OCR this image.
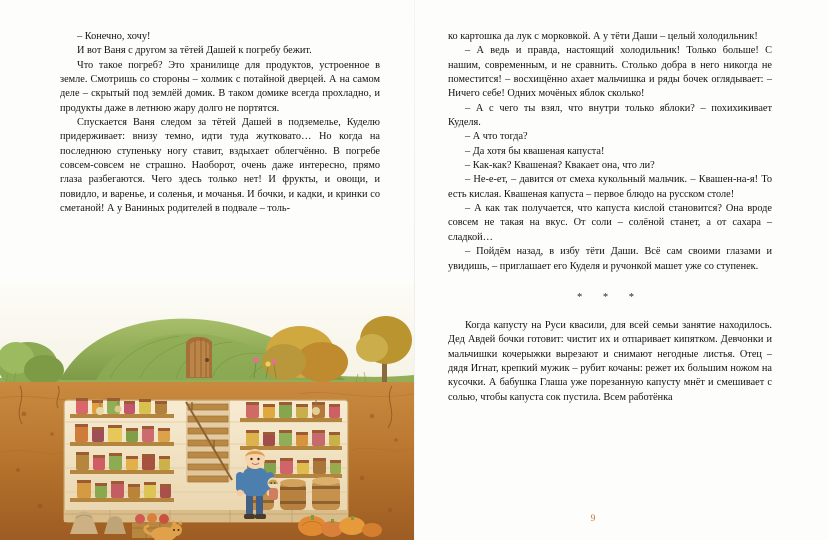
– Конечно, хочу!

И вот Ваня с другом за тётей Дашей к погребу бежит.

Что такое погреб? Это хранилище для продуктов, устроенное в земле. Смотришь со стороны – холмик с потайной дверцей. А на самом деле – скрытый под землёй домик. В таком домике всегда прохладно, и продукты даже в летнюю жару долго не портятся.

Спускается Ваня следом за тётей Дашей в подземелье, Куделю придерживает: внизу темно, идти туда жутковато… Но когда на последнюю ступеньку ногу ставит, вздыхает облегчённо. В погребе совсем-совсем не страшно. Наоборот, очень даже интересно, прямо глаза разбегаются. Чего здесь только нет! И фрукты, и овощи, и повидло, и варенье, и соленья, и мочанья. И бочки, и кадки, и кринки со сметаной! А у Ваниных родителей в подвале – толь-

ко картошка да лук с морковкой. А у тёти Даши – целый холодильник!

– А ведь и правда, настоящий холодильник! Только больше! С нашим, современным, и не сравнить. Столько добра в него никогда не поместится! – восхищённо ахает мальчишка и ряды бочек оглядывает: – Ничего себе! Одних мочёных яблок сколько!

– А с чего ты взял, что внутри только яблоки? – похихикивает Куделя.

– А что тогда?

– Да хотя бы квашеная капуста!

– Как-как? Квашеная? Квакает она, что ли?

– Не-е-ет, – давится от смеха кукольный мальчик. – Квашен-на-я! То есть кислая. Квашеная капуста – первое блюдо на русском столе!

– А как так получается, что капуста кислой становится? Она вроде совсем не такая на вкус. От соли – солёной станет, а от сахара – сладкой…

– Пойдём назад, в избу тёти Даши. Всё сам своими глазами и увидишь, – приглашает его Куделя и ручонкой машет уже со ступенек.

* * *

Когда капусту на Руси квасили, для всей семьи занятие находилось. Дед Авдей бочки готовит: чистит их и отпаривает кипятком. Девчонки и мальчишки кочерыжки вырезают и снимают негодные листья. Отец – дядя Игнат, крепкий мужик – рубит кочаны: режет их большим ножом на кусочки. А бабушка Глаша уже порезанную капусту мнёт и смешивает с солью, чтобы капуста сок пустила. Всем работёнка

9
